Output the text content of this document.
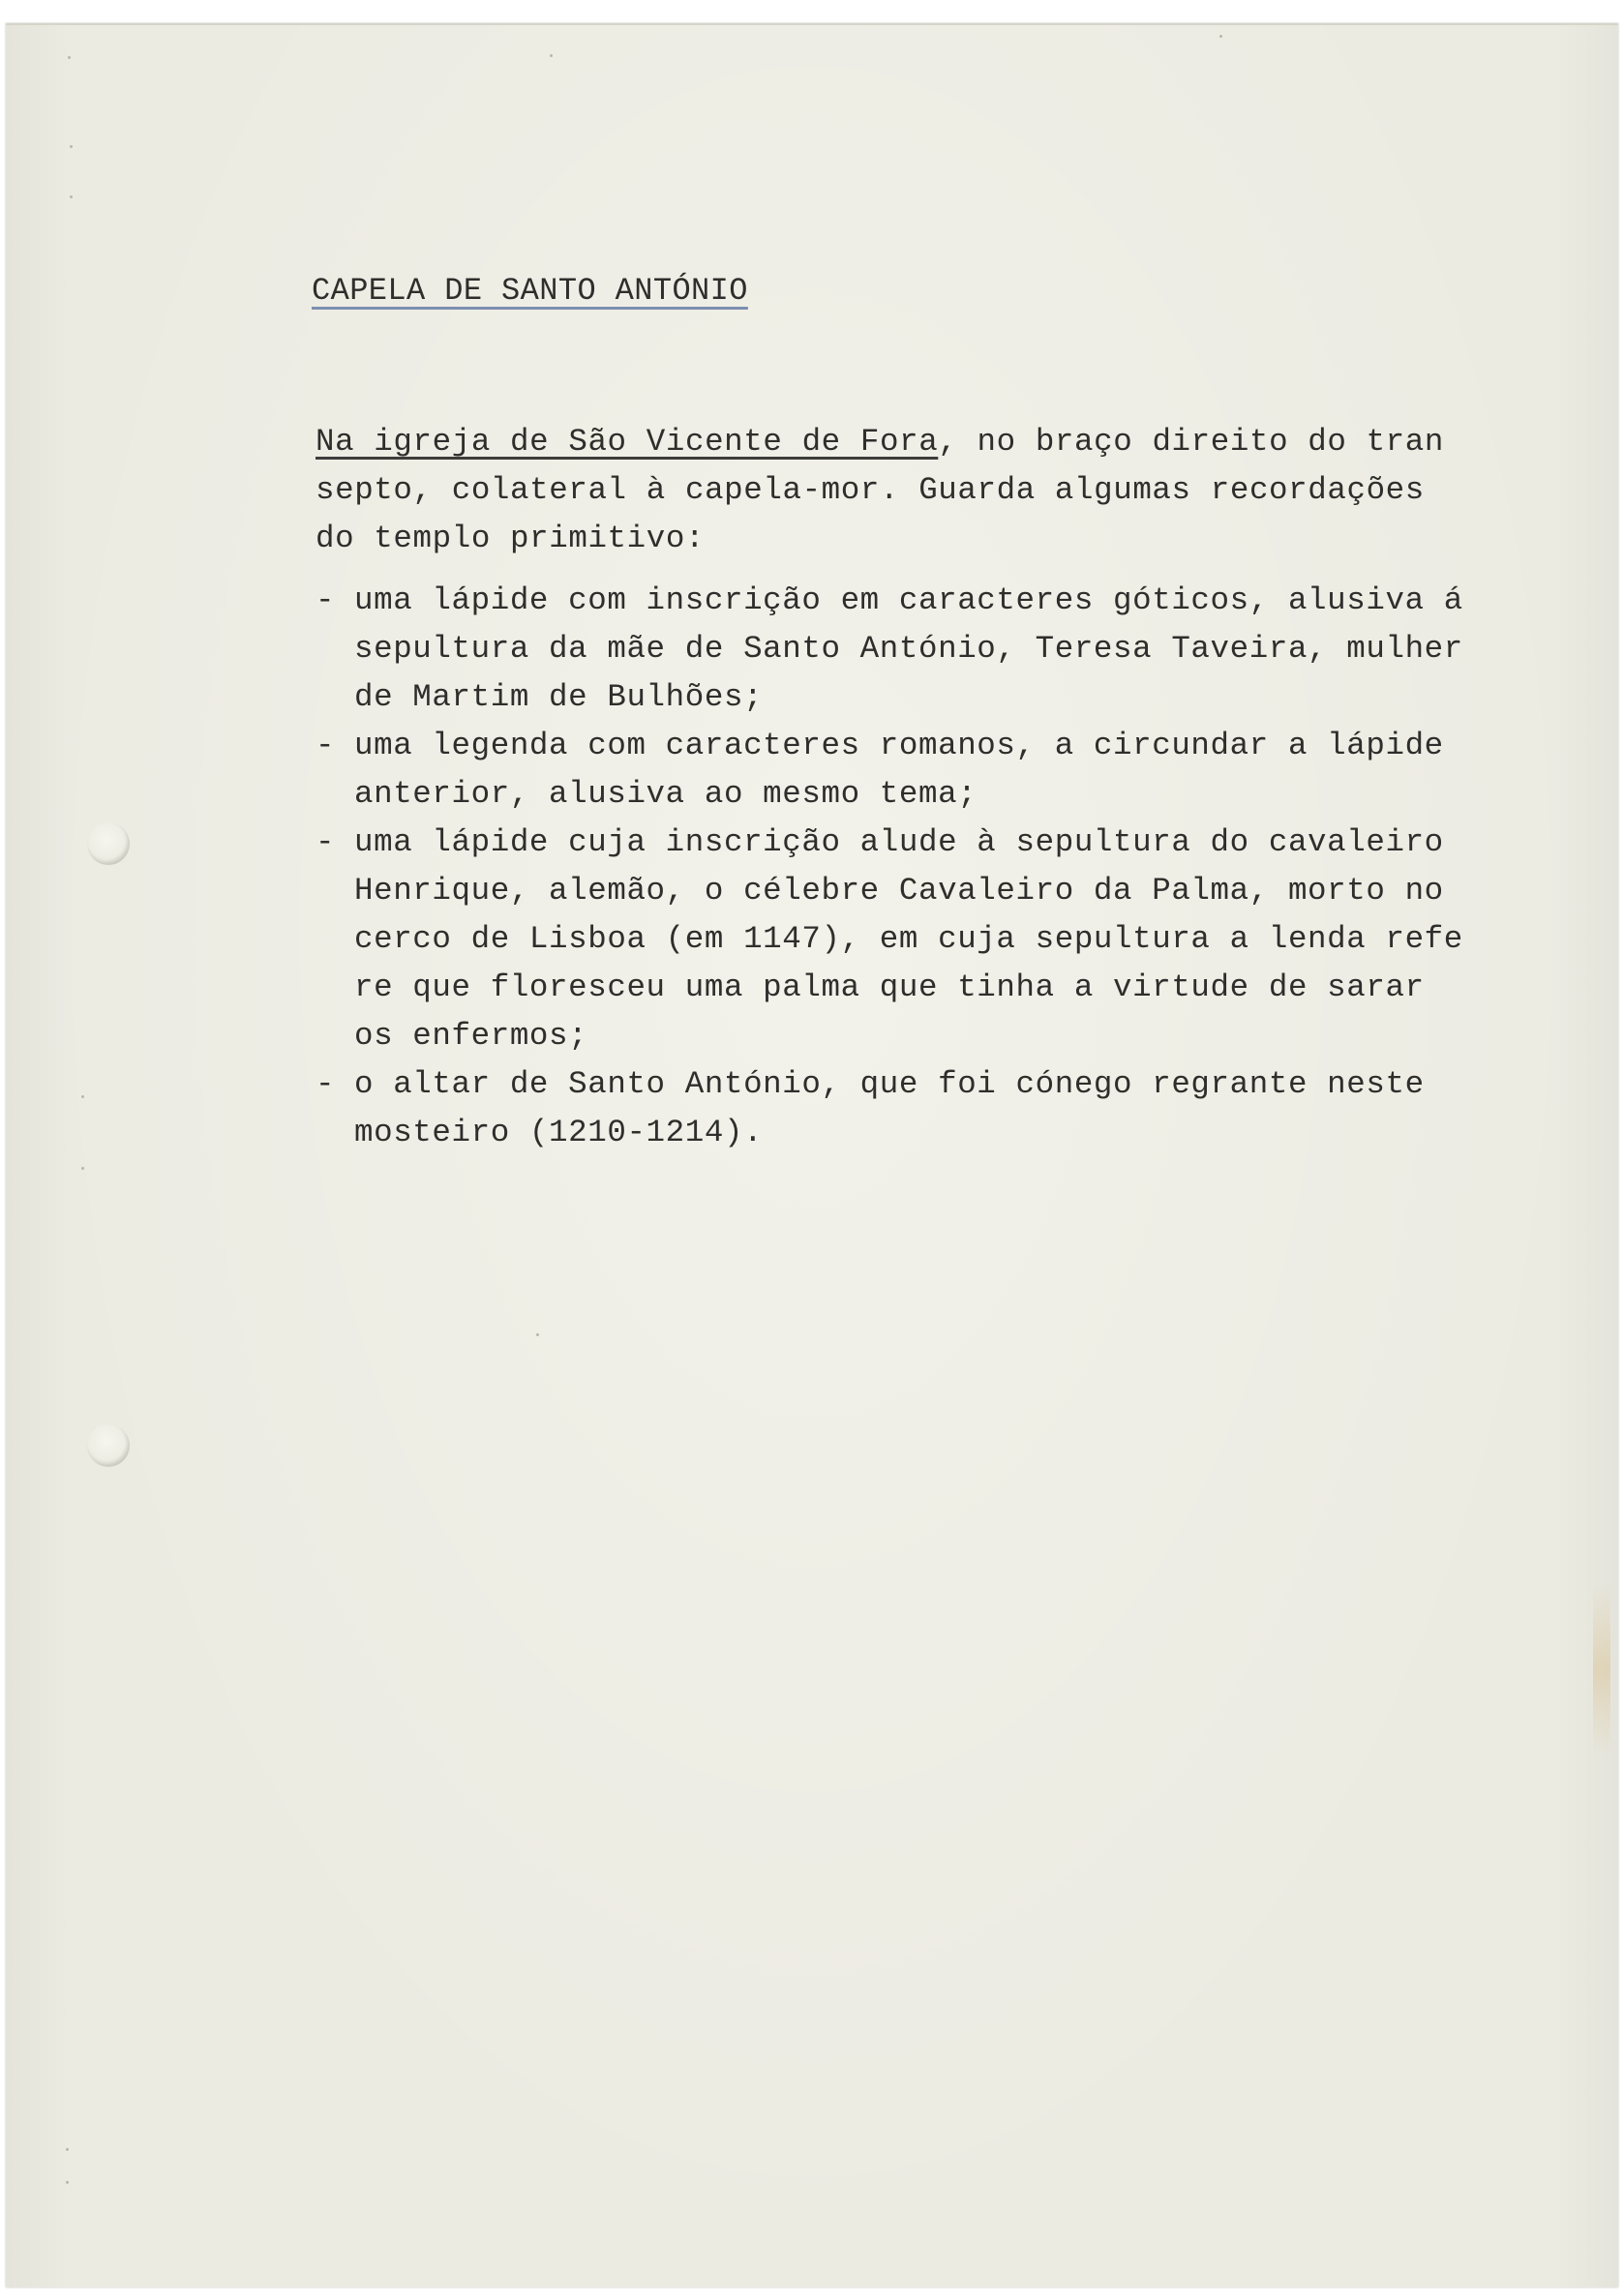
CAPELA DE SANTO ANTÓNIO

Na igreja de São Vicente de Fora, no braço direito do tran
septo, colateral à capela-mor. Guarda algumas recordações
do templo primitivo:

- uma lápide com inscrição em caracteres góticos, alusiva á
sepultura da mãe de Santo António, Teresa Taveira, mulher
de Martim de Bulhões;
- uma legenda com caracteres romanos, a circundar a lápide
anterior, alusiva ao mesmo tema;
- uma lápide cuja inscrição alude à sepultura do cavaleiro
Henrique, alemão, o célebre Cavaleiro da Palma, morto no
cerco de Lisboa (em 1147), em cuja sepultura a lenda refe
re que floresceu uma palma que tinha a virtude de sarar
os enfermos;
- o altar de Santo António, que foi cónego regrante neste
mosteiro (1210-1214).
